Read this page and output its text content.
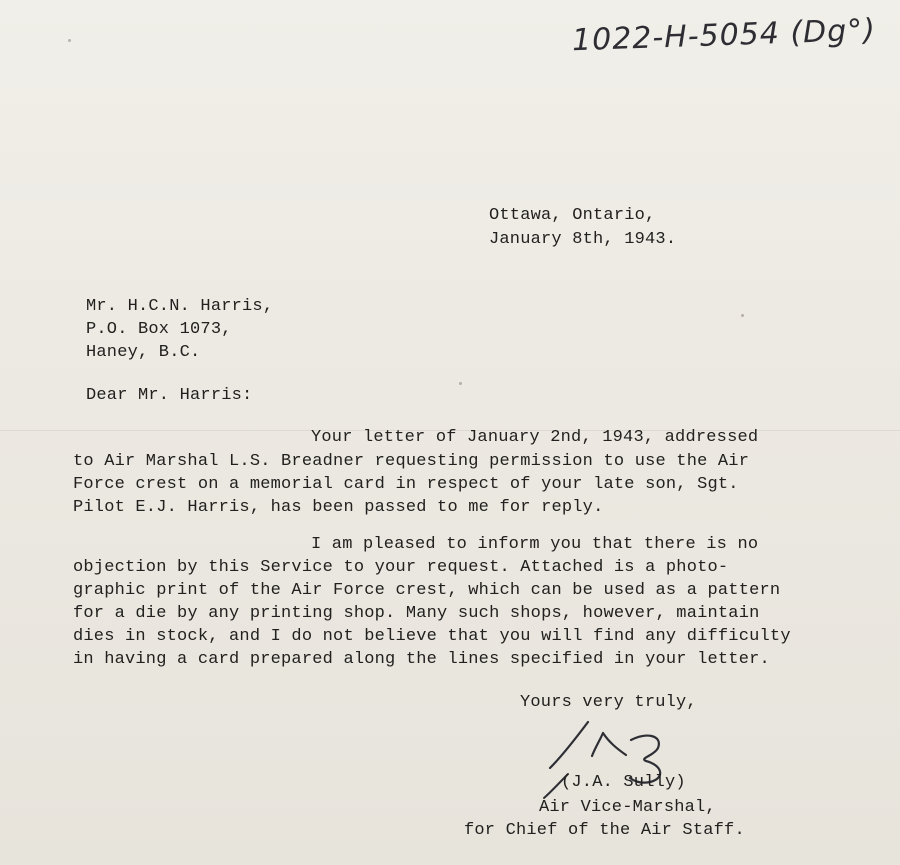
1022-H-5054 (Dg°)
Ottawa, Ontario,
January 8th, 1943.
Mr. H.C.N. Harris,
P.O. Box 1073,
Haney, B.C.
Dear Mr. Harris:
Your letter of January 2nd, 1943, addressed
to Air Marshal L.S. Breadner requesting permission to use the Air
Force crest on a memorial card in respect of your late son, Sgt.
Pilot E.J. Harris, has been passed to me for reply.
I am pleased to inform you that there is no
objection by this Service to your request. Attached is a photo-
graphic print of the Air Force crest, which can be used as a pattern
for a die by any printing shop. Many such shops, however, maintain
dies in stock, and I do not believe that you will find any difficulty
in having a card prepared along the lines specified in your letter.
Yours very truly,
(J.A. Sully)
Air Vice-Marshal,
for Chief of the Air Staff.
